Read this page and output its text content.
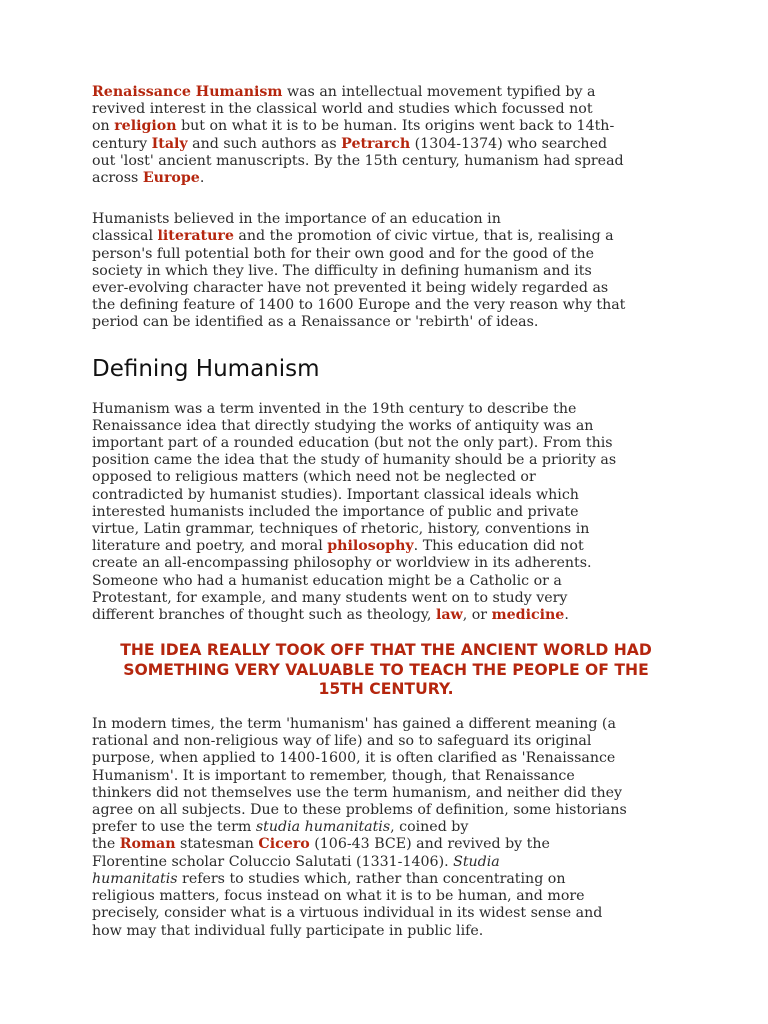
Renaissance Humanism was an intellectual movement typified by a
revived interest in the classical world and studies which focussed not
on religion but on what it is to be human. Its origins went back to 14th-
century Italy and such authors as Petrarch (1304-1374) who searched
out 'lost' ancient manuscripts. By the 15th century, humanism had spread
across Europe.

Humanists believed in the importance of an education in
classical literature and the promotion of civic virtue, that is, realising a
person's full potential both for their own good and for the good of the
society in which they live. The difficulty in defining humanism and its
ever-evolving character have not prevented it being widely regarded as
the defining feature of 1400 to 1600 Europe and the very reason why that
period can be identified as a Renaissance or 'rebirth' of ideas.

Defining Humanism

Humanism was a term invented in the 19th century to describe the
Renaissance idea that directly studying the works of antiquity was an
important part of a rounded education (but not the only part). From this
position came the idea that the study of humanity should be a priority as
opposed to religious matters (which need not be neglected or
contradicted by humanist studies). Important classical ideals which
interested humanists included the importance of public and private
virtue, Latin grammar, techniques of rhetoric, history, conventions in
literature and poetry, and moral philosophy. This education did not
create an all-encompassing philosophy or worldview in its adherents.
Someone who had a humanist education might be a Catholic or a
Protestant, for example, and many students went on to study very
different branches of thought such as theology, law, or medicine.

THE IDEA REALLY TOOK OFF THAT THE ANCIENT WORLD HAD
SOMETHING VERY VALUABLE TO TEACH THE PEOPLE OF THE
15TH CENTURY.

In modern times, the term 'humanism' has gained a different meaning (a
rational and non-religious way of life) and so to safeguard its original
purpose, when applied to 1400-1600, it is often clarified as 'Renaissance
Humanism'. It is important to remember, though, that Renaissance
thinkers did not themselves use the term humanism, and neither did they
agree on all subjects. Due to these problems of definition, some historians
prefer to use the term studia humanitatis, coined by
the Roman statesman Cicero (106-43 BCE) and revived by the
Florentine scholar Coluccio Salutati (1331-1406). Studia
humanitatis refers to studies which, rather than concentrating on
religious matters, focus instead on what it is to be human, and more
precisely, consider what is a virtuous individual in its widest sense and
how may that individual fully participate in public life.
